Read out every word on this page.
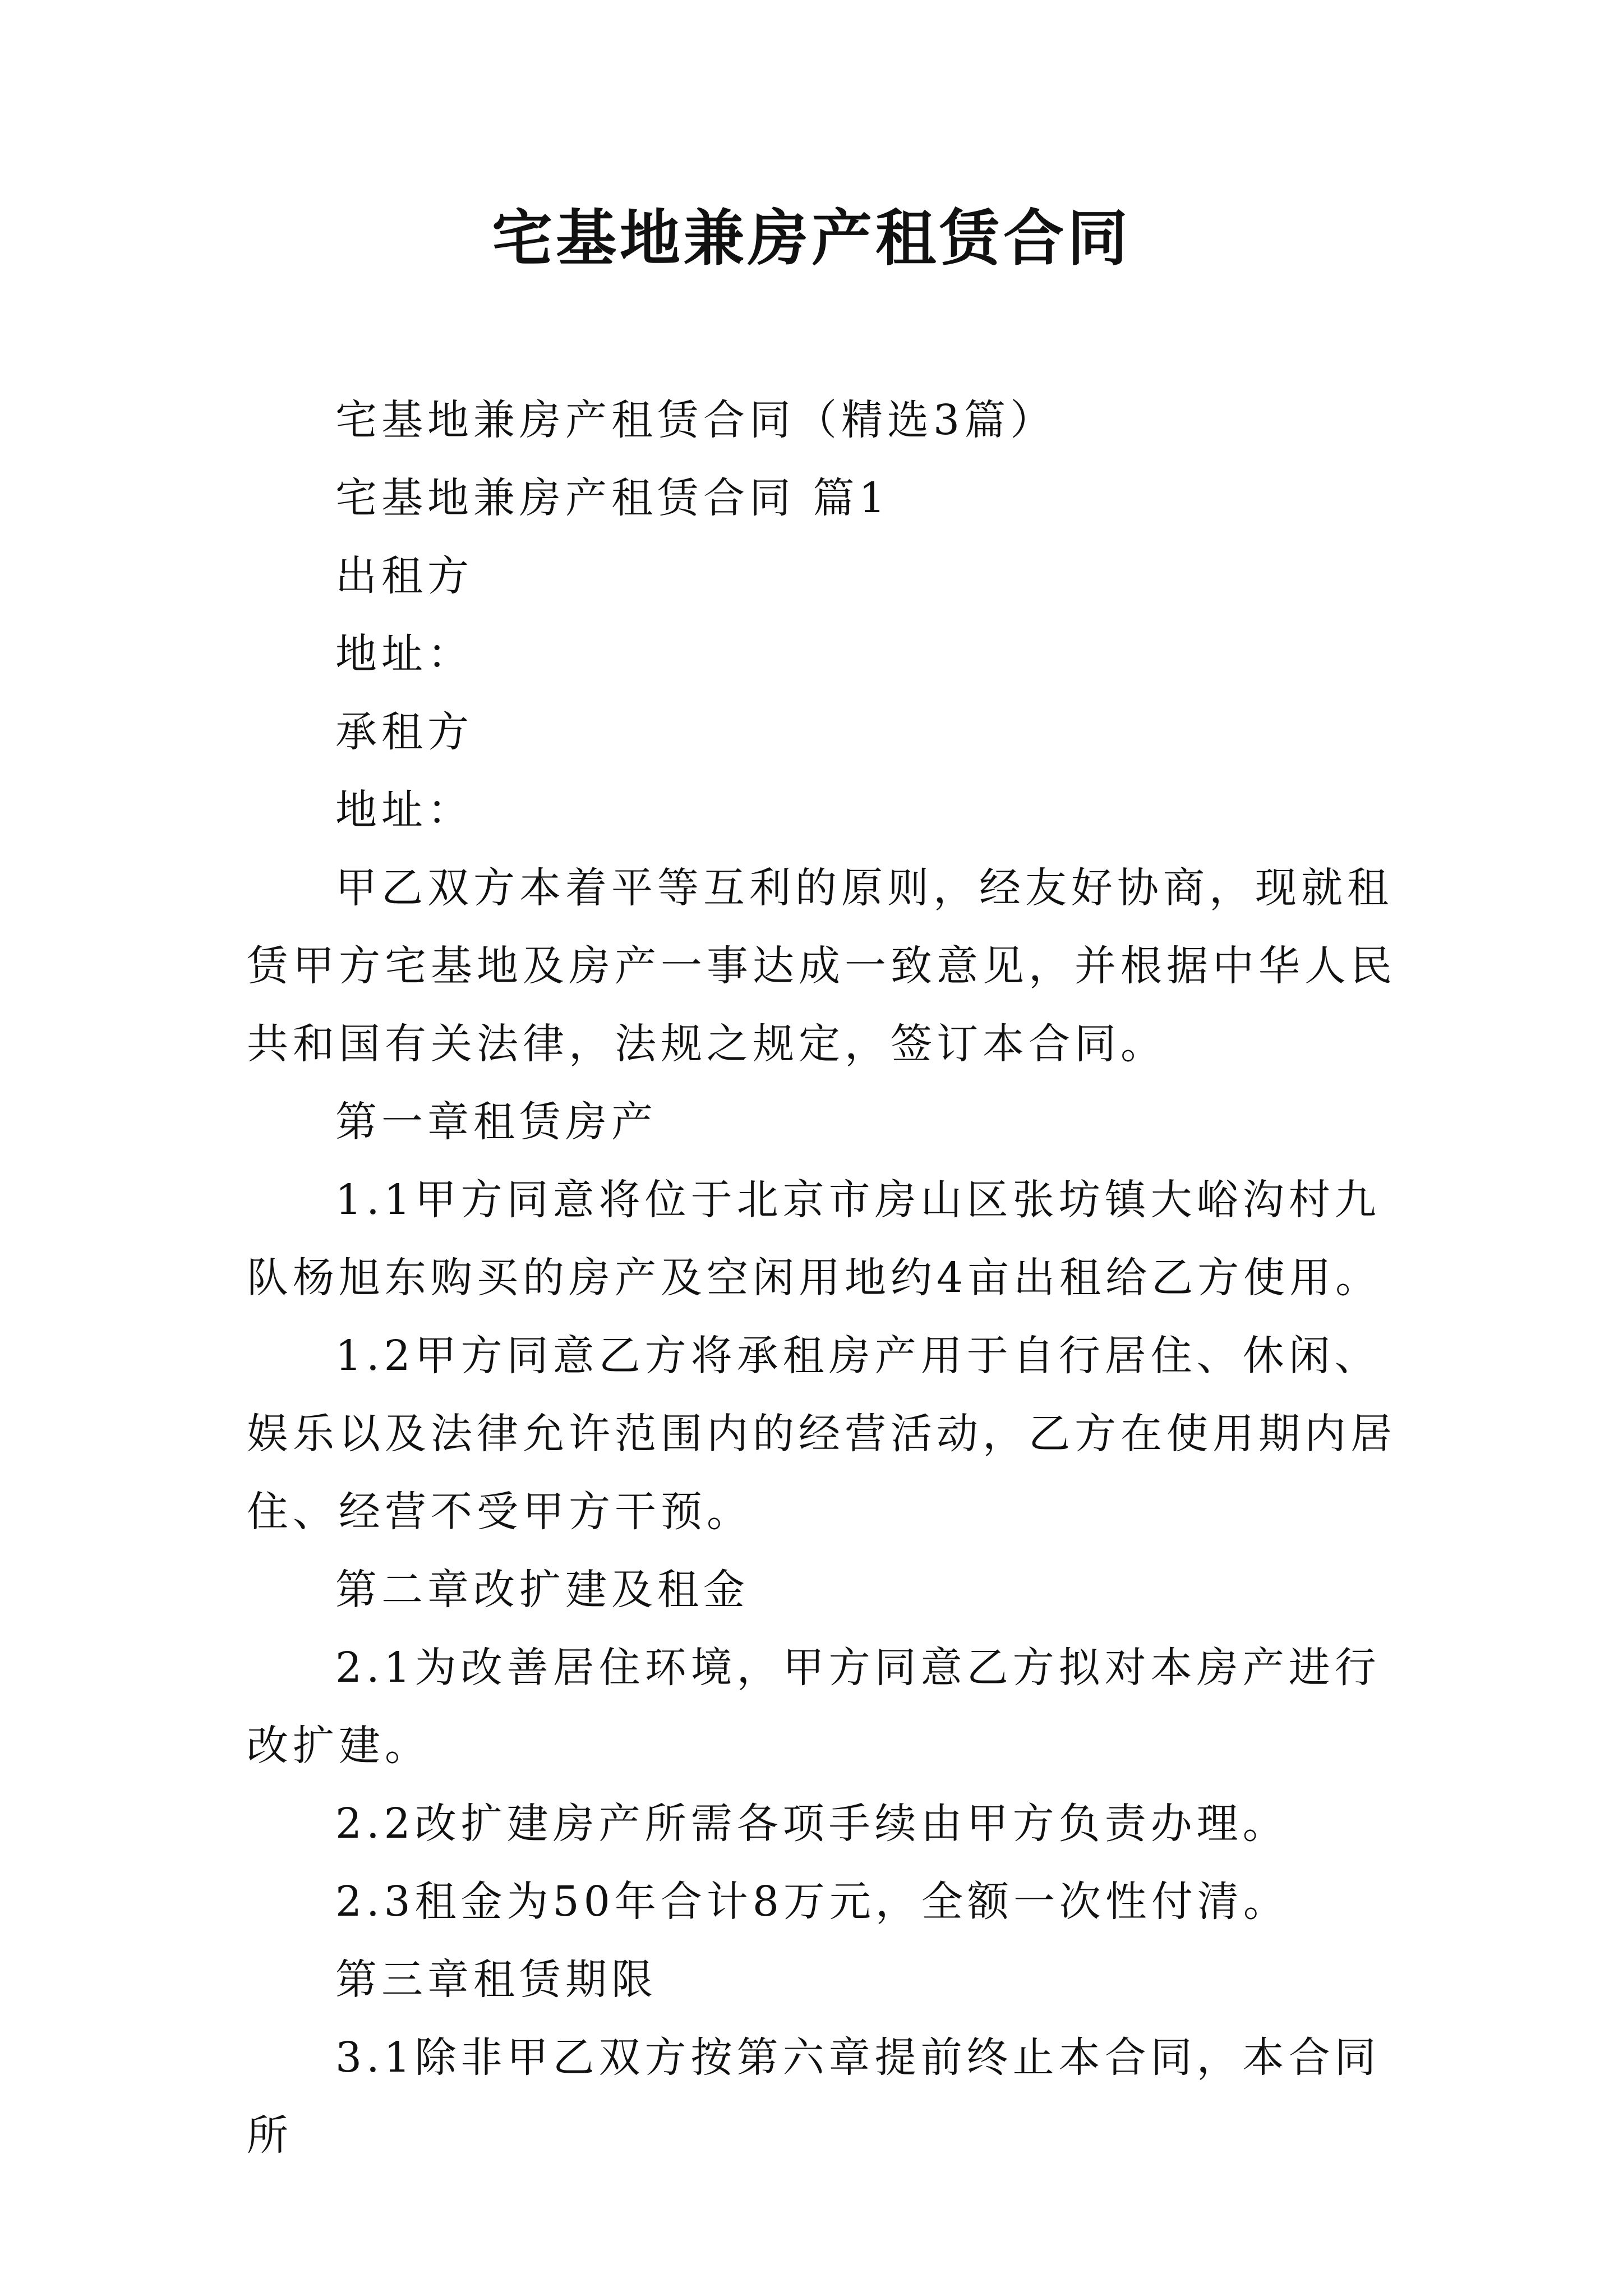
宅基地兼房产租赁合同

宅基地兼房产租赁合同（精选3篇）

宅基地兼房产租赁合同 篇1

出租方

地址：

承租方

地址：

甲乙双方本着平等互利的原则，经友好协商，现就租赁甲方宅基地及房产一事达成一致意见，并根据中华人民共和国有关法律，法规之规定，签订本合同。

第一章租赁房产

1.1甲方同意将位于北京市房山区张坊镇大峪沟村九队杨旭东购买的房产及空闲用地约4亩出租给乙方使用。

1.2甲方同意乙方将承租房产用于自行居住、休闲、娱乐以及法律允许范围内的经营活动，乙方在使用期内居住、经营不受甲方干预。

第二章改扩建及租金

2.1为改善居住环境，甲方同意乙方拟对本房产进行改扩建。

2.2改扩建房产所需各项手续由甲方负责办理。

2.3租金为50年合计8万元，全额一次性付清。

第三章租赁期限

3.1除非甲乙双方按第六章提前终止本合同，本合同所
